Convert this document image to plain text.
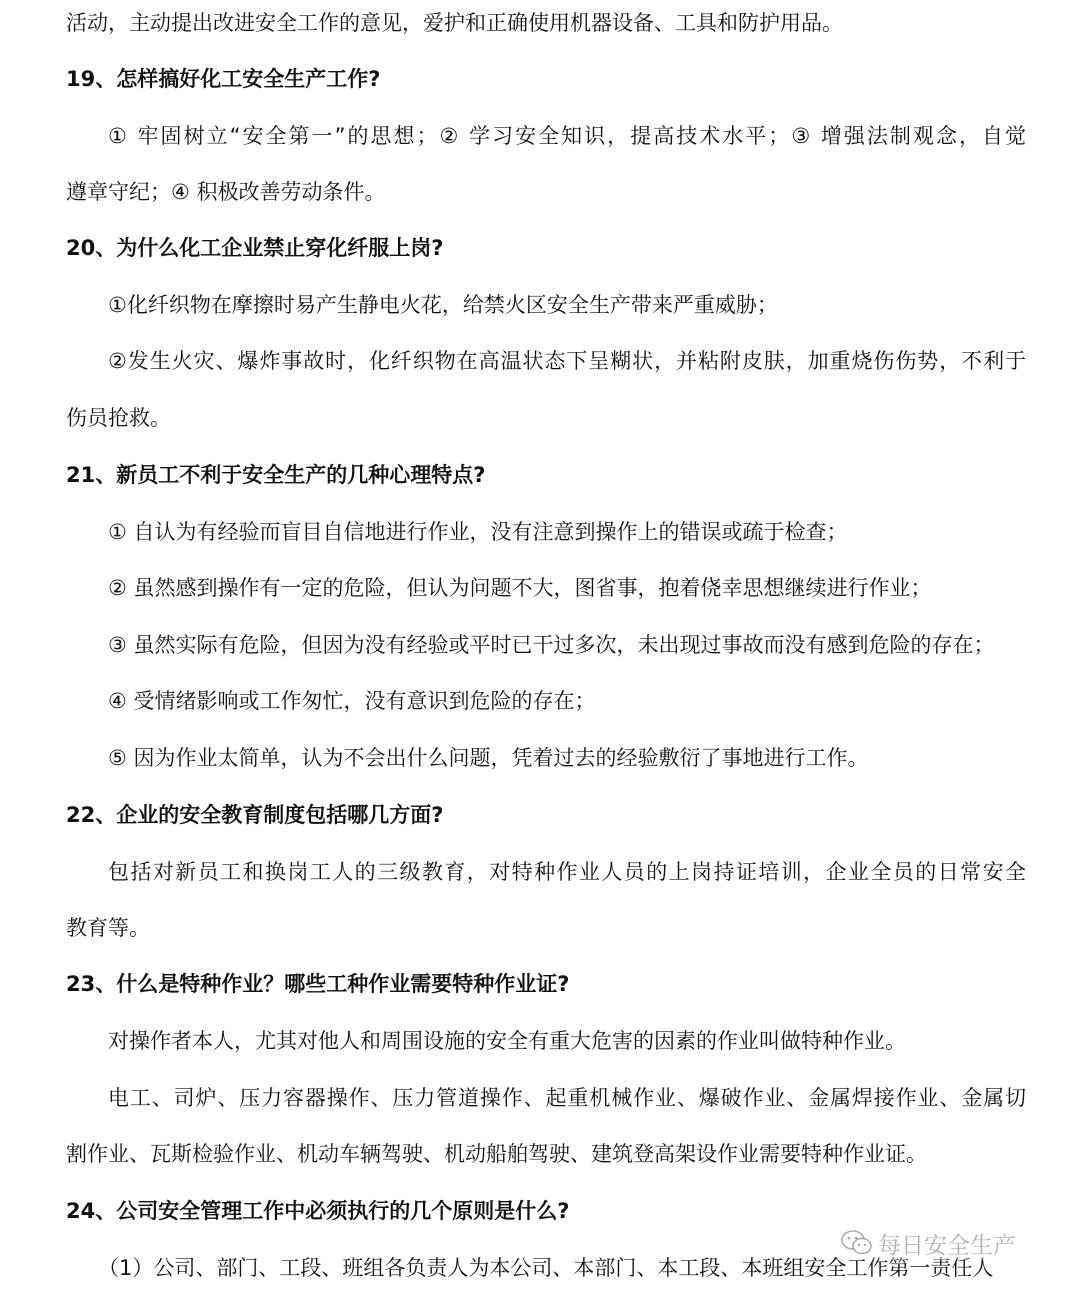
活动，主动提出改进安全工作的意见，爱护和正确使用机器设备、工具和防护用品。
19、怎样搞好化工安全生产工作?
① 牢固树立“安全第一”的思想；② 学习安全知识，提高技术水平；③ 增强法制观念，自觉
遵章守纪；④ 积极改善劳动条件。
20、为什么化工企业禁止穿化纤服上岗?
①化纤织物在摩擦时易产生静电火花，给禁火区安全生产带来严重威胁；
②发生火灾、爆炸事故时，化纤织物在高温状态下呈糊状，并粘附皮肤，加重烧伤伤势，不利于
伤员抢救。
21、新员工不利于安全生产的几种心理特点?
① 自认为有经验而盲目自信地进行作业，没有注意到操作上的错误或疏于检查；
② 虽然感到操作有一定的危险，但认为问题不大，图省事，抱着侥幸思想继续进行作业；
③ 虽然实际有危险，但因为没有经验或平时已干过多次，未出现过事故而没有感到危险的存在；
④ 受情绪影响或工作匆忙，没有意识到危险的存在；
⑤ 因为作业太简单，认为不会出什么问题，凭着过去的经验敷衍了事地进行工作。
22、企业的安全教育制度包括哪几方面?
包括对新员工和换岗工人的三级教育，对特种作业人员的上岗持证培训，企业全员的日常安全
教育等。
23、什么是特种作业？哪些工种作业需要特种作业证?
对操作者本人，尤其对他人和周围设施的安全有重大危害的因素的作业叫做特种作业。
电工、司炉、压力容器操作、压力管道操作、起重机械作业、爆破作业、金属焊接作业、金属切
割作业、瓦斯检验作业、机动车辆驾驶、机动船舶驾驶、建筑登高架设作业需要特种作业证。
24、公司安全管理工作中必须执行的几个原则是什么?
（1）公司、部门、工段、班组各负责人为本公司、本部门、本工段、本班组安全工作第一责任人
每日安全生产
